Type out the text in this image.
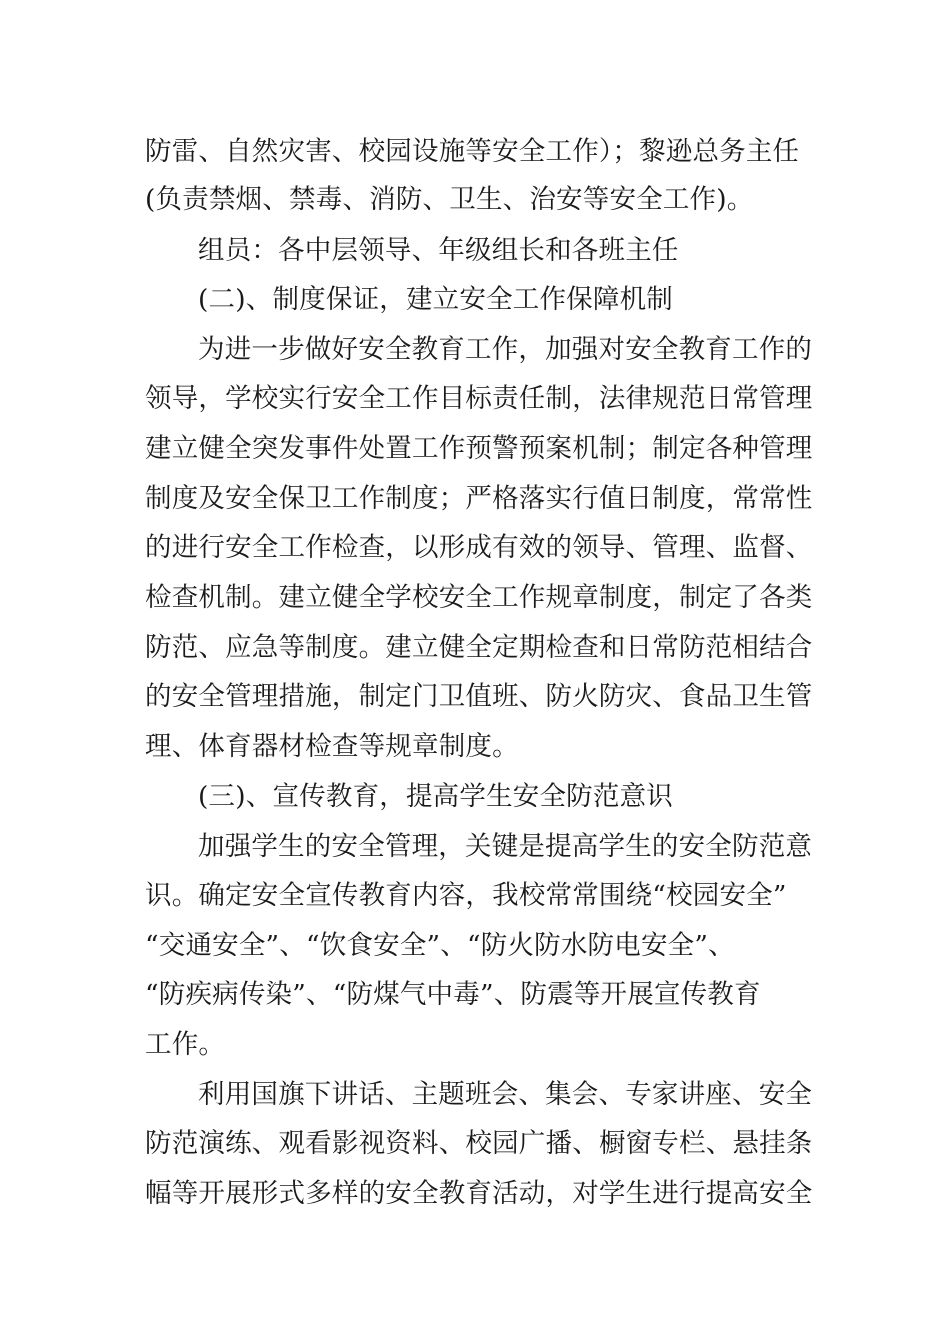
防雷、自然灾害、校园设施等安全工作）；黎逊总务主任
(负责禁烟、禁毒、消防、卫生、治安等安全工作)。
组员：各中层领导、年级组长和各班主任
(二)、制度保证，建立安全工作保障机制
为进一步做好安全教育工作，加强对安全教育工作的
领导，学校实行安全工作目标责任制，法律规范日常管理
建立健全突发事件处置工作预警预案机制；制定各种管理
制度及安全保卫工作制度；严格落实行值日制度，常常性
的进行安全工作检查，以形成有效的领导、管理、监督、
检查机制。建立健全学校安全工作规章制度，制定了各类
防范、应急等制度。建立健全定期检查和日常防范相结合
的安全管理措施，制定门卫值班、防火防灾、食品卫生管
理、体育器材检查等规章制度。
(三)、宣传教育，提高学生安全防范意识
加强学生的安全管理，关键是提高学生的安全防范意
识。确定安全宣传教育内容，我校常常围绕“校园安全”
“交通安全”、“饮食安全”、“防火防水防电安全”、
“防疾病传染”、“防煤气中毒”、防震等开展宣传教育
工作。
利用国旗下讲话、主题班会、集会、专家讲座、安全
防范演练、观看影视资料、校园广播、橱窗专栏、悬挂条
幅等开展形式多样的安全教育活动，对学生进行提高安全
